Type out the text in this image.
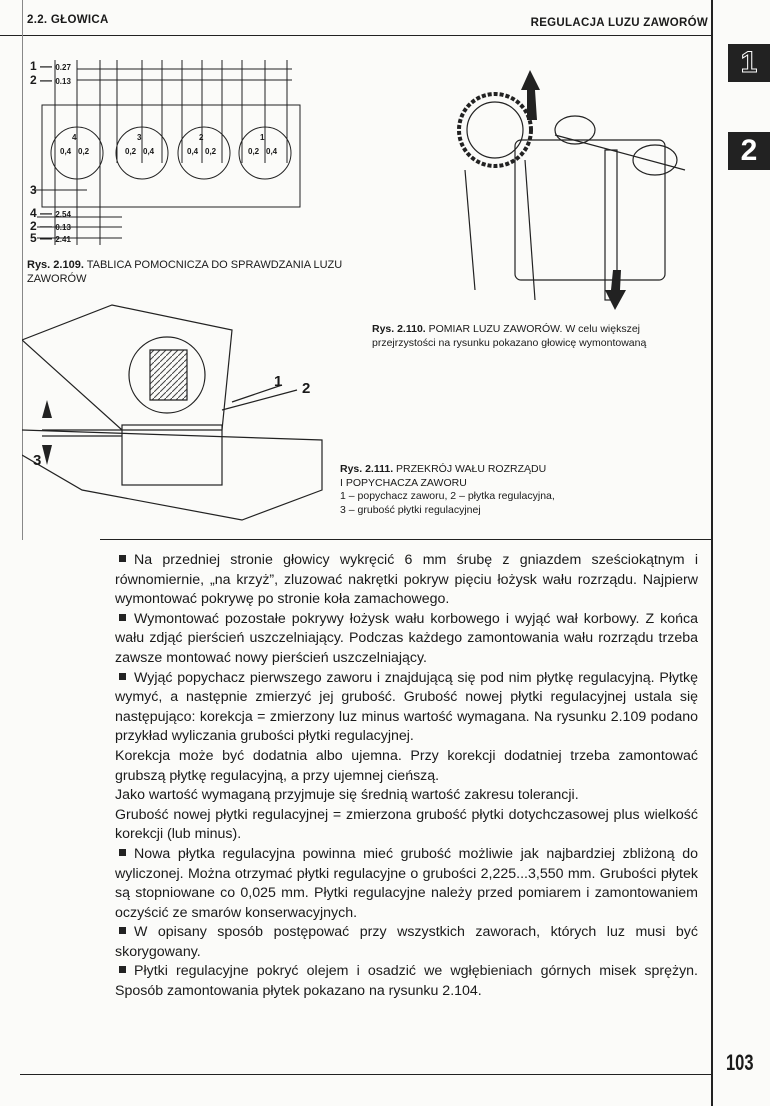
2.2. GŁOWICA	REGULACJA LUZU ZAWORÓW
1
2
1 — 0.27
2 — 0.13
4
0,4 0,2
3
0,2 0,4
2
0,4 0,2
1
0,2 0,4
3
4 — 2.54
2 — 0.13
5 — 2.41
Rys. 2.109. TABLICA POMOCNICZA DO SPRAWDZANIA LUZU ZAWORÓW
Rys. 2.110. POMIAR LUZU ZAWORÓW. W celu większej
przejrzystości na rysunku pokazano głowicę wymontowaną
1 2
3	Rys. 2.111. PRZEKRÓJ WAŁU ROZRZĄDU
I POPYCHACZA ZAWORU
1 – popychacz zaworu, 2 – płytka regulacyjna,
3 – grubość płytki regulacyjnej

Na przedniej stronie głowicy wykręcić 6 mm śrubę z gniazdem sześciokątnym i równomiernie, „na krzyż”, zluzować nakrętki pokryw pięciu łożysk wału rozrządu. Najpierw wymontować pokrywę po stronie koła zamachowego.

Wymontować pozostałe pokrywy łożysk wału korbowego i wyjąć wał korbowy. Z końca wału zdjąć pierścień uszczelniający. Podczas każdego zamontowania wału rozrządu trzeba zawsze montować nowy pierścień uszczelniający.

Wyjąć popychacz pierwszego zaworu i znajdującą się pod nim płytkę regulacyjną. Płytkę wymyć, a następnie zmierzyć jej grubość. Grubość nowej płytki regulacyjnej ustala się następująco: korekcja = zmierzony luz minus wartość wymagana. Na rysunku 2.109 podano przykład wyliczania grubości płytki regulacyjnej.

Korekcja może być dodatnia albo ujemna. Przy korekcji dodatniej trzeba zamontować grubszą płytkę regulacyjną, a przy ujemnej cieńszą.

Jako wartość wymaganą przyjmuje się średnią wartość zakresu tolerancji.

Grubość nowej płytki regulacyjnej = zmierzona grubość płytki dotychczasowej plus wielkość korekcji (lub minus).

Nowa płytka regulacyjna powinna mieć grubość możliwie jak najbardziej zbliżoną do wyliczonej. Można otrzymać płytki regulacyjne o grubości 2,225...3,550 mm. Grubości płytek są stopniowane co 0,025 mm. Płytki regulacyjne należy przed pomiarem i zamontowaniem oczyścić ze smarów konserwacyjnych.

W opisany sposób postępować przy wszystkich zaworach, których luz musi być skorygowany.

Płytki regulacyjne pokryć olejem i osadzić we wgłębieniach górnych misek sprężyn. Sposób zamontowania płytek pokazano na rysunku 2.104.

103
